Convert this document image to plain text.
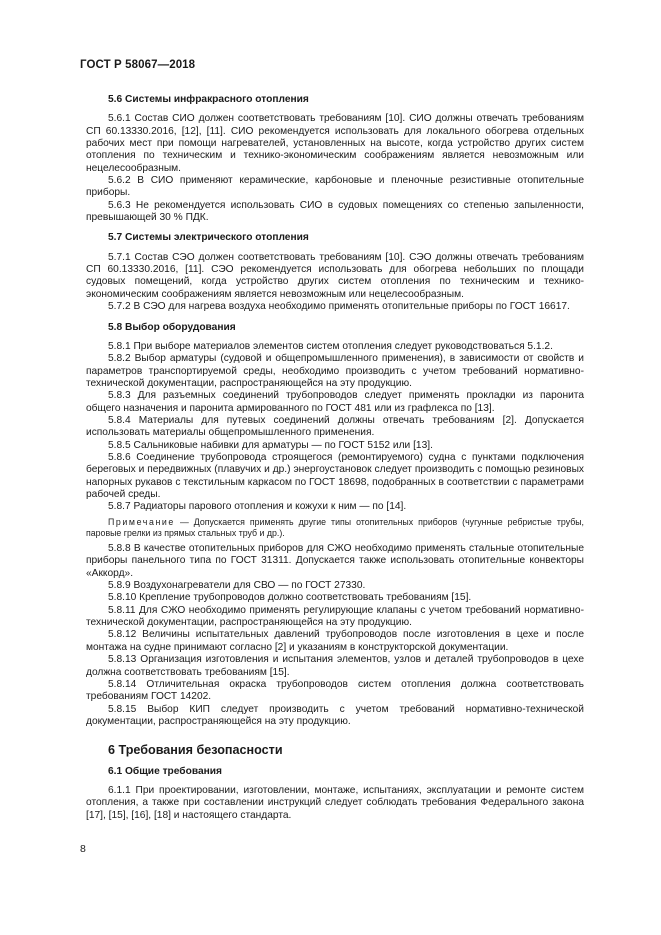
ГОСТ Р 58067—2018
5.6 Системы инфракрасного отопления

5.6.1 Состав СИО должен соответствовать требованиям [10]. СИО должны отвечать требованиям СП 60.13330.2016, [12], [11]. СИО рекомендуется использовать для локального обогрева отдельных рабочих мест при помощи нагревателей, установленных на высоте, когда устройство других систем отопления по техническим и технико-экономическим соображениям является невозможным или нецелесообразным.

5.6.2 В СИО применяют керамические, карбоновые и пленочные резистивные отопительные приборы.

5.6.3 Не рекомендуется использовать СИО в судовых помещениях со степенью запыленности, превышающей 30 % ПДК.

5.7 Системы электрического отопления

5.7.1 Состав СЭО должен соответствовать требованиям [10]. СЭО должны отвечать требованиям СП 60.13330.2016, [11]. СЭО рекомендуется использовать для обогрева небольших по площади судовых помещений, когда устройство других систем отопления по техническим и технико-экономическим соображениям является невозможным или нецелесообразным.

5.7.2 В СЭО для нагрева воздуха необходимо применять отопительные приборы по ГОСТ 16617.

5.8 Выбор оборудования

5.8.1 При выборе материалов элементов систем отопления следует руководствоваться 5.1.2.

5.8.2 Выбор арматуры (судовой и общепромышленного применения), в зависимости от свойств и параметров транспортируемой среды, необходимо производить с учетом требований нормативно-технической документации, распространяющейся на эту продукцию.

5.8.3 Для разъемных соединений трубопроводов следует применять прокладки из паронита общего назначения и паронита армированного по ГОСТ 481 или из графлекса по [13].

5.8.4 Материалы для путевых соединений должны отвечать требованиям [2]. Допускается использовать материалы общепромышленного применения.

5.8.5 Сальниковые набивки для арматуры — по ГОСТ 5152 или [13].

5.8.6 Соединение трубопровода строящегося (ремонтируемого) судна с пунктами подключения береговых и передвижных (плавучих и др.) энергоустановок следует производить с помощью резиновых напорных рукавов с текстильным каркасом по ГОСТ 18698, подобранных в соответствии с параметрами рабочей среды.

5.8.7 Радиаторы парового отопления и кожухи к ним — по [14].

Примечание — Допускается применять другие типы отопительных приборов (чугунные ребристые трубы, паровые грелки из прямых стальных труб и др.).

5.8.8 В качестве отопительных приборов для СЖО необходимо применять стальные отопительные приборы панельного типа по ГОСТ 31311. Допускается также использовать отопительные конвекторы «Аккорд».

5.8.9 Воздухонагреватели для СВО — по ГОСТ 27330.

5.8.10 Крепление трубопроводов должно соответствовать требованиям [15].

5.8.11 Для СЖО необходимо применять регулирующие клапаны с учетом требований нормативно-технической документации, распространяющейся на эту продукцию.

5.8.12 Величины испытательных давлений трубопроводов после изготовления в цехе и после монтажа на судне принимают согласно [2] и указаниям в конструкторской документации.

5.8.13 Организация изготовления и испытания элементов, узлов и деталей трубопроводов в цехе должна соответствовать требованиям [15].

5.8.14 Отличительная окраска трубопроводов систем отопления должна соответствовать требованиям ГОСТ 14202.

5.8.15 Выбор КИП следует производить с учетом требований нормативно-технической документации, распространяющейся на эту продукцию.

6 Требования безопасности
6.1 Общие требования

6.1.1 При проектировании, изготовлении, монтаже, испытаниях, эксплуатации и ремонте систем отопления, а также при составлении инструкций следует соблюдать требования Федерального закона [17], [15], [16], [18] и настоящего стандарта.

8
